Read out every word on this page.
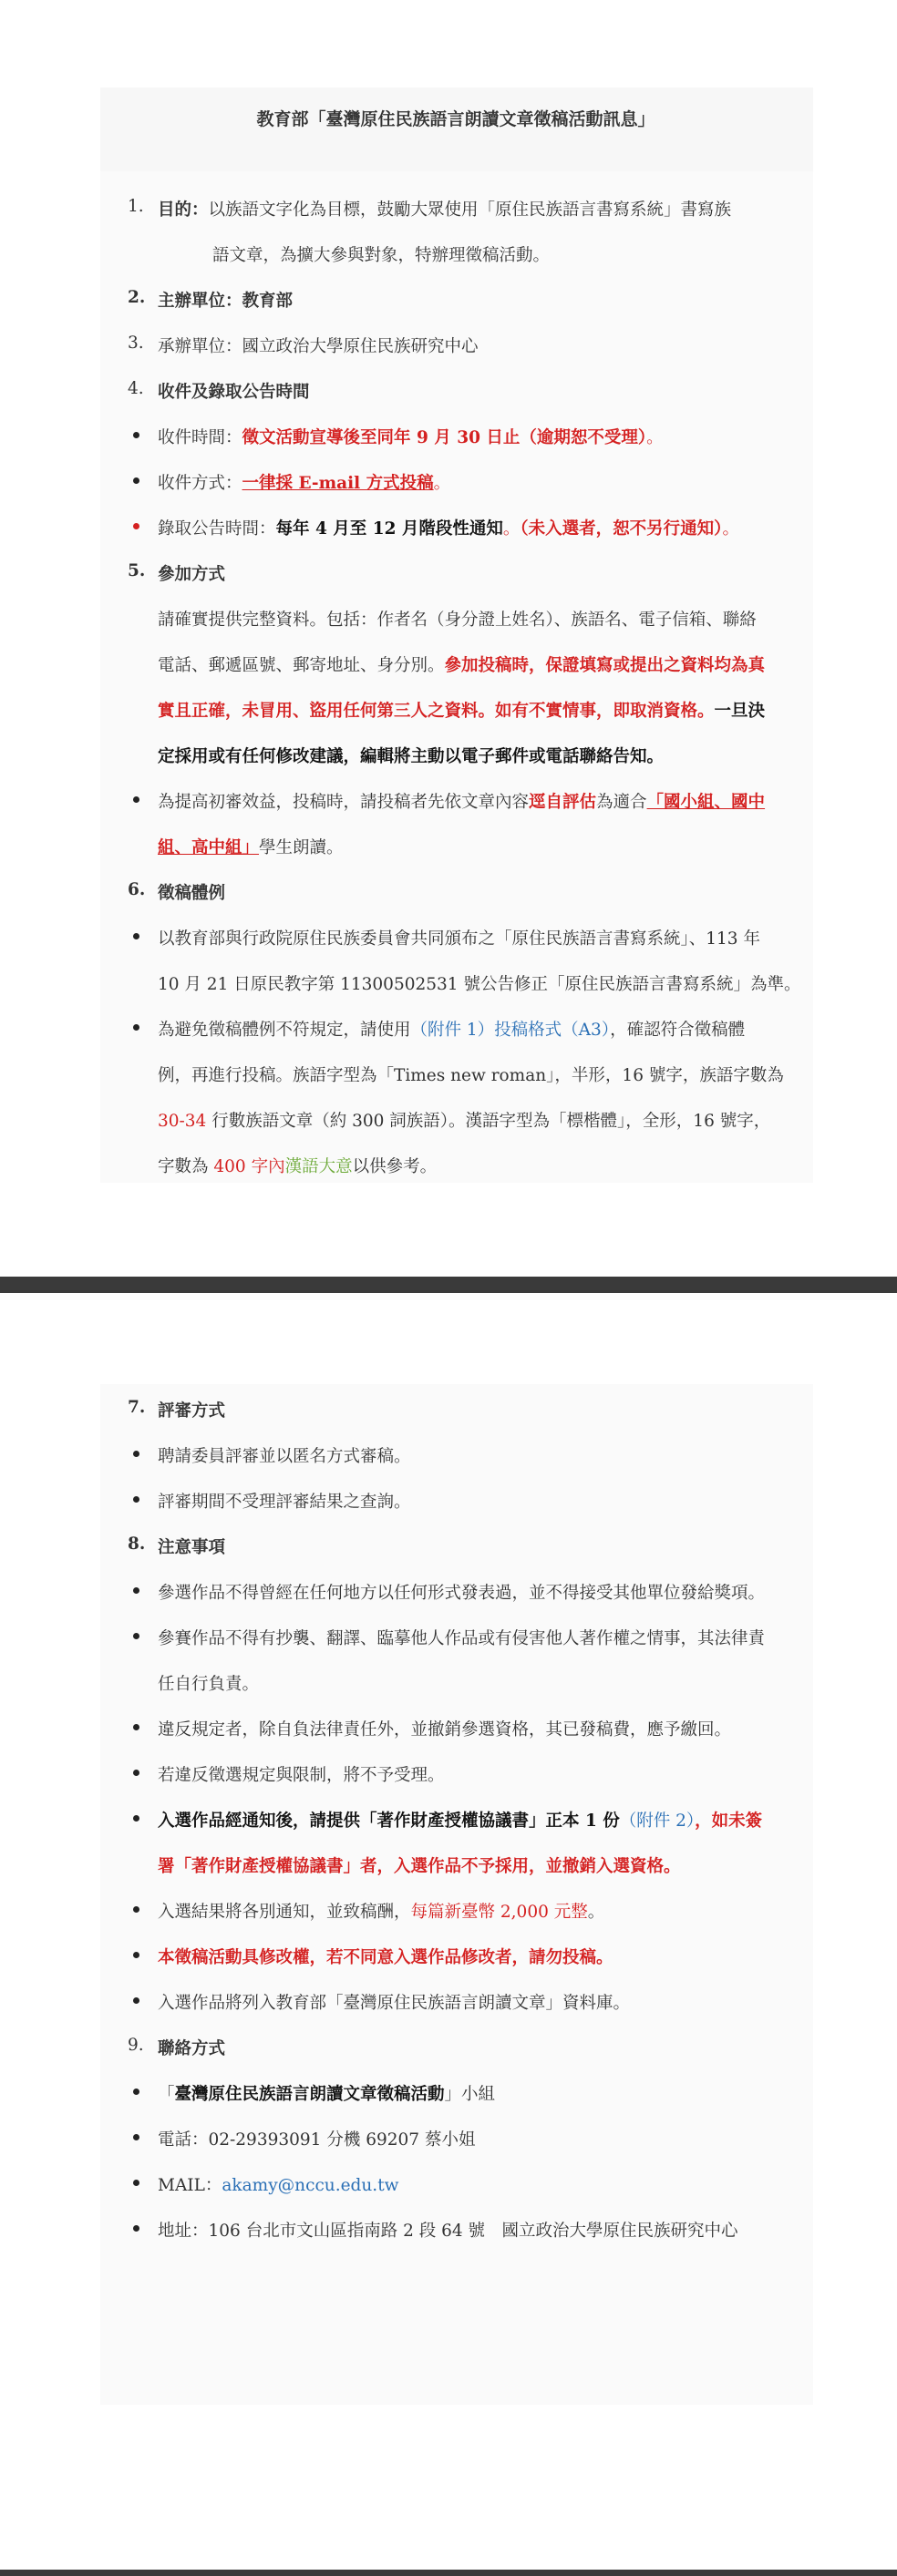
教育部「臺灣原住民族語言朗讀文章徵稿活動訊息」
1. 目的：以族語文字化為目標，鼓勵大眾使用「原住民族語言書寫系統」書寫族
語文章，為擴大參與對象，特辦理徵稿活動。
2. 主辦單位：教育部
3. 承辦單位：國立政治大學原住民族研究中心
4. 收件及錄取公告時間
收件時間：徵文活動宣導後至同年 9 月 30 日止（逾期恕不受理）。
收件方式：一律採 E-mail 方式投稿。
錄取公告時間：每年 4 月至 12 月階段性通知。（未入選者，恕不另行通知）。
5. 參加方式
請確實提供完整資料。包括：作者名（身分證上姓名）、族語名、電子信箱、聯絡
電話、郵遞區號、郵寄地址、身分別。參加投稿時，保證填寫或提出之資料均為真
實且正確，未冒用、盜用任何第三人之資料。如有不實情事，即取消資格。一旦決
定採用或有任何修改建議，編輯將主動以電子郵件或電話聯絡告知。
為提高初審效益，投稿時，請投稿者先依文章內容逕自評估為適合「國小組、國中
組、高中組」學生朗讀。
6. 徵稿體例
以教育部與行政院原住民族委員會共同頒布之「原住民族語言書寫系統」、113 年
10 月 21 日原民教字第 11300502531 號公告修正「原住民族語言書寫系統」為準。
為避免徵稿體例不符規定，請使用（附件 1）投稿格式（A3），確認符合徵稿體
例，再進行投稿。族語字型為「Times new roman」，半形，16 號字，族語字數為
30-34 行數族語文章（約 300 詞族語）。漢語字型為「標楷體」，全形，16 號字，
字數為 400 字內漢語大意以供參考。
7. 評審方式
聘請委員評審並以匿名方式審稿。
評審期間不受理評審結果之查詢。
8. 注意事項
參選作品不得曾經在任何地方以任何形式發表過，並不得接受其他單位發給獎項。
參賽作品不得有抄襲、翻譯、臨摹他人作品或有侵害他人著作權之情事，其法律責
任自行負責。
違反規定者，除自負法律責任外，並撤銷參選資格，其已發稿費，應予繳回。
若違反徵選規定與限制，將不予受理。
入選作品經通知後，請提供「著作財產授權協議書」正本 1 份（附件 2），如未簽
署「著作財產授權協議書」者，入選作品不予採用，並撤銷入選資格。
入選結果將各別通知，並致稿酬，每篇新臺幣 2,000 元整。
本徵稿活動具修改權，若不同意入選作品修改者，請勿投稿。
入選作品將列入教育部「臺灣原住民族語言朗讀文章」資料庫。
9. 聯絡方式
「臺灣原住民族語言朗讀文章徵稿活動」小組
電話：02-29393091 分機 69207 蔡小姐
MAIL：akamy@nccu.edu.tw
地址：106 台北市文山區指南路 2 段 64 號　國立政治大學原住民族研究中心
